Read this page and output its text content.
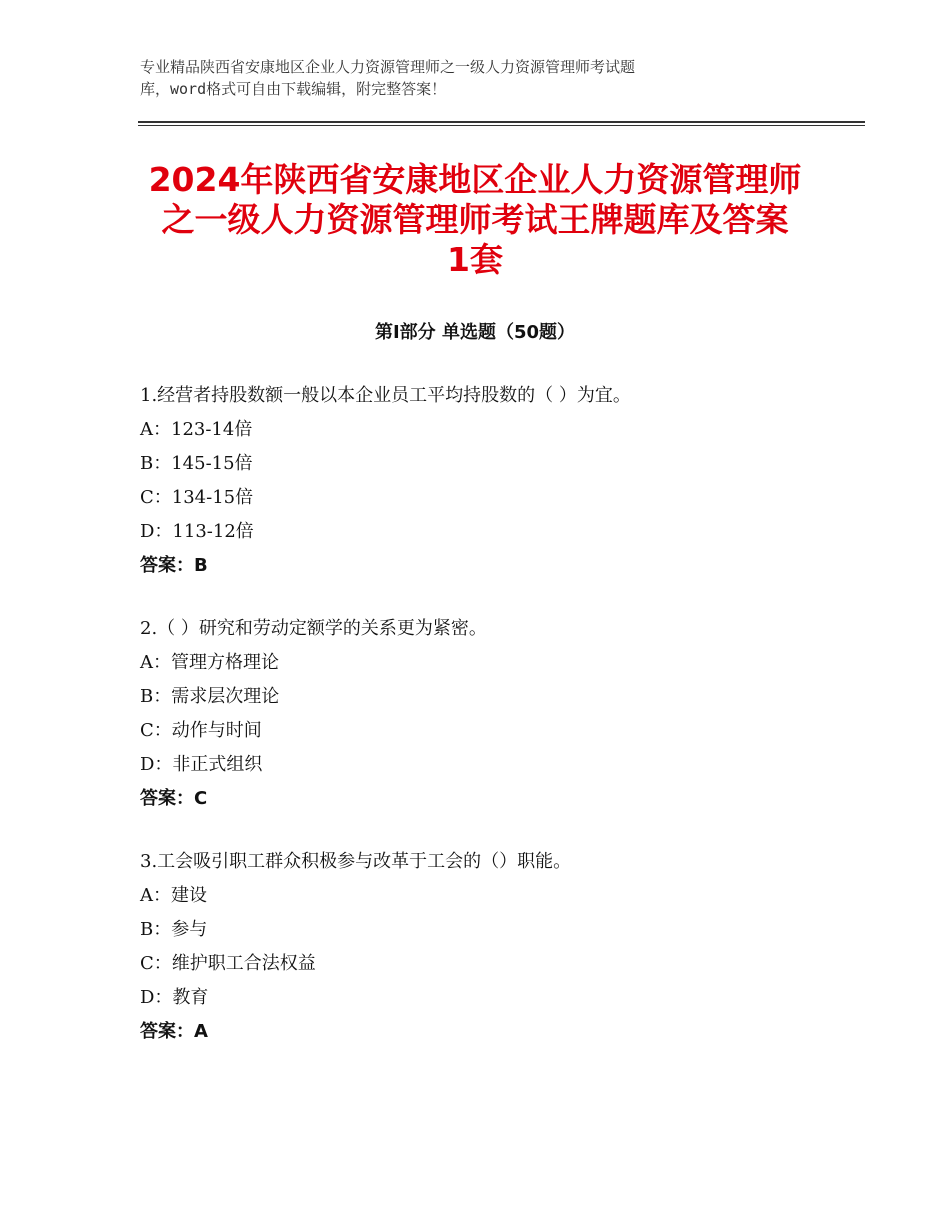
专业精品陕西省安康地区企业人力资源管理师之一级人力资源管理师考试题
库，word格式可自由下载编辑，附完整答案！
2024年陕西省安康地区企业人力资源管理师
之一级人力资源管理师考试王牌题库及答案
1套
第Ⅰ部分 单选题（50题）
1.经营者持股数额一般以本企业员工平均持股数的（ ）为宜。
A：123-14倍
B：145-15倍
C：134-15倍
D：113-12倍
答案：B
2.（ ）研究和劳动定额学的关系更为紧密。
A：管理方格理论
B：需求层次理论
C：动作与时间
D：非正式组织
答案：C
3.工会吸引职工群众积极参与改革于工会的（）职能。
A：建设
B：参与
C：维护职工合法权益
D：教育
答案：A
